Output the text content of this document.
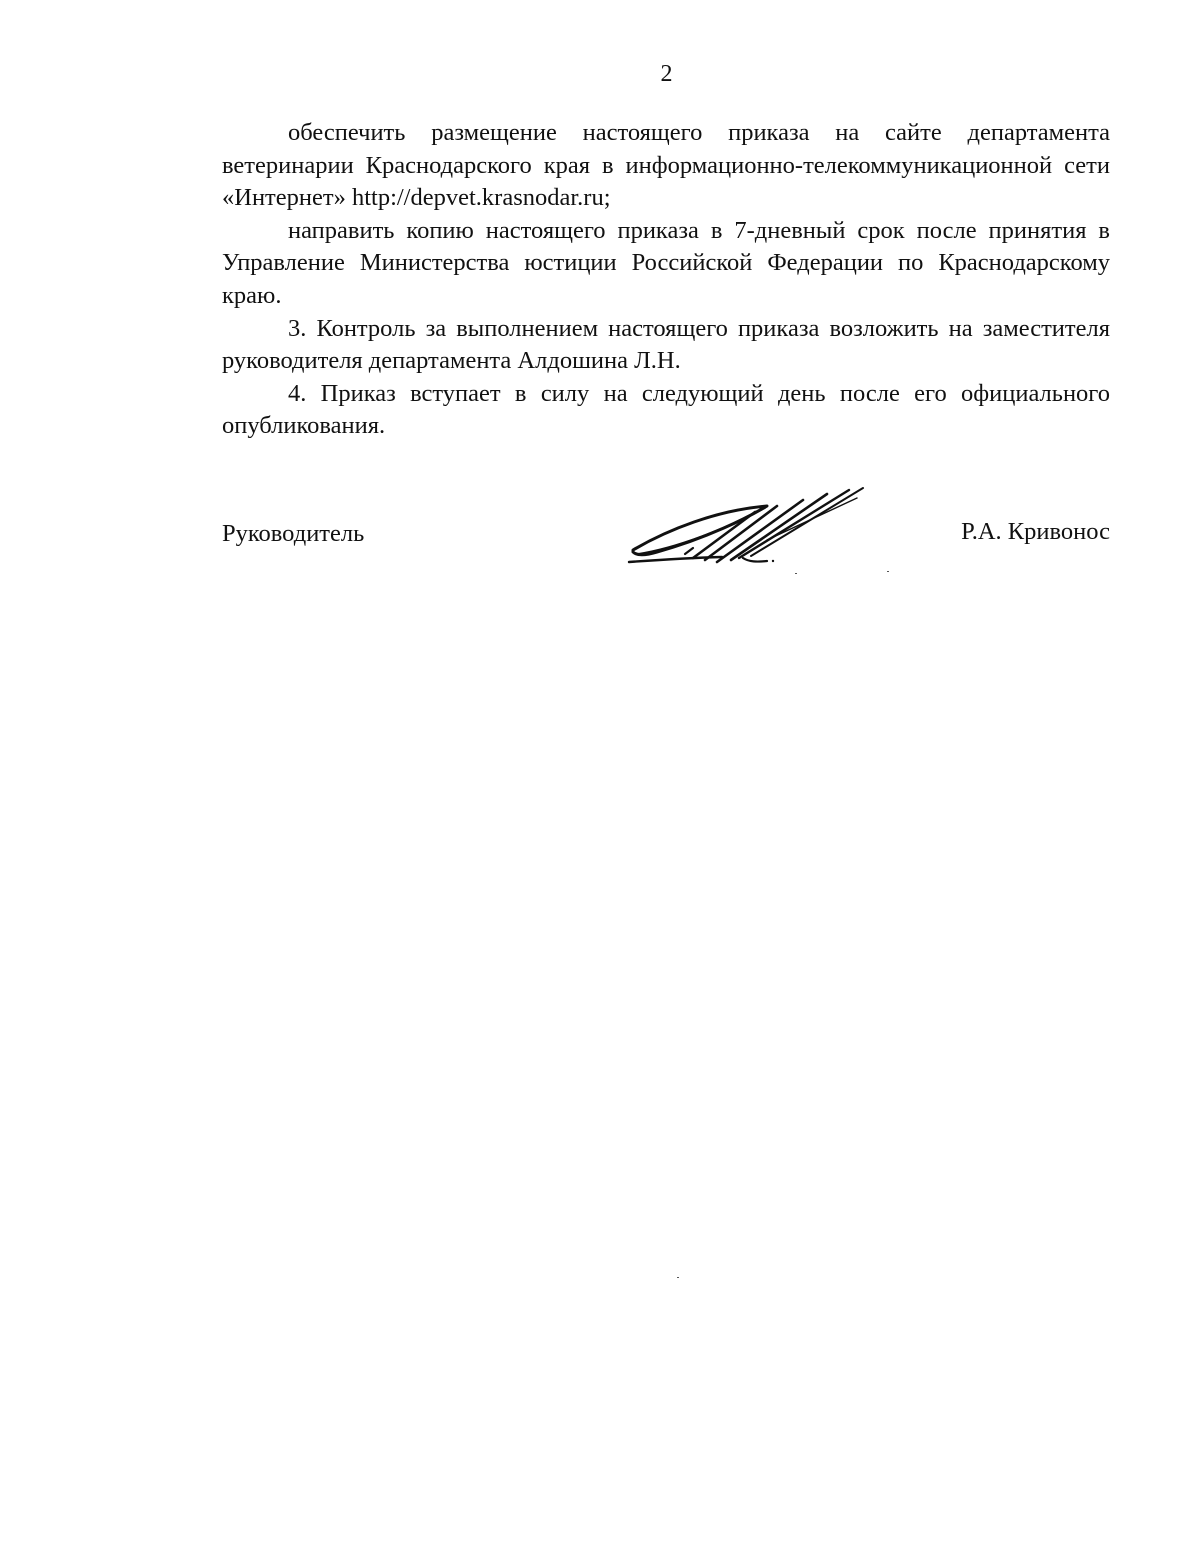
2

обеспечить размещение настоящего приказа на сайте департамента ветеринарии Краснодарского края в информационно-телекоммуникационной сети «Интернет» http://depvet.krasnodar.ru;

направить копию настоящего приказа в 7-дневный срок после принятия в Управление Министерства юстиции Российской Федерации по Краснодарскому краю.

3. Контроль за выполнением настоящего приказа возложить на заместителя руководителя департамента Алдошина Л.Н.

4. Приказ вступает в силу на следующий день после его официального опубликования.

Руководитель	Р.А. Кривонос
